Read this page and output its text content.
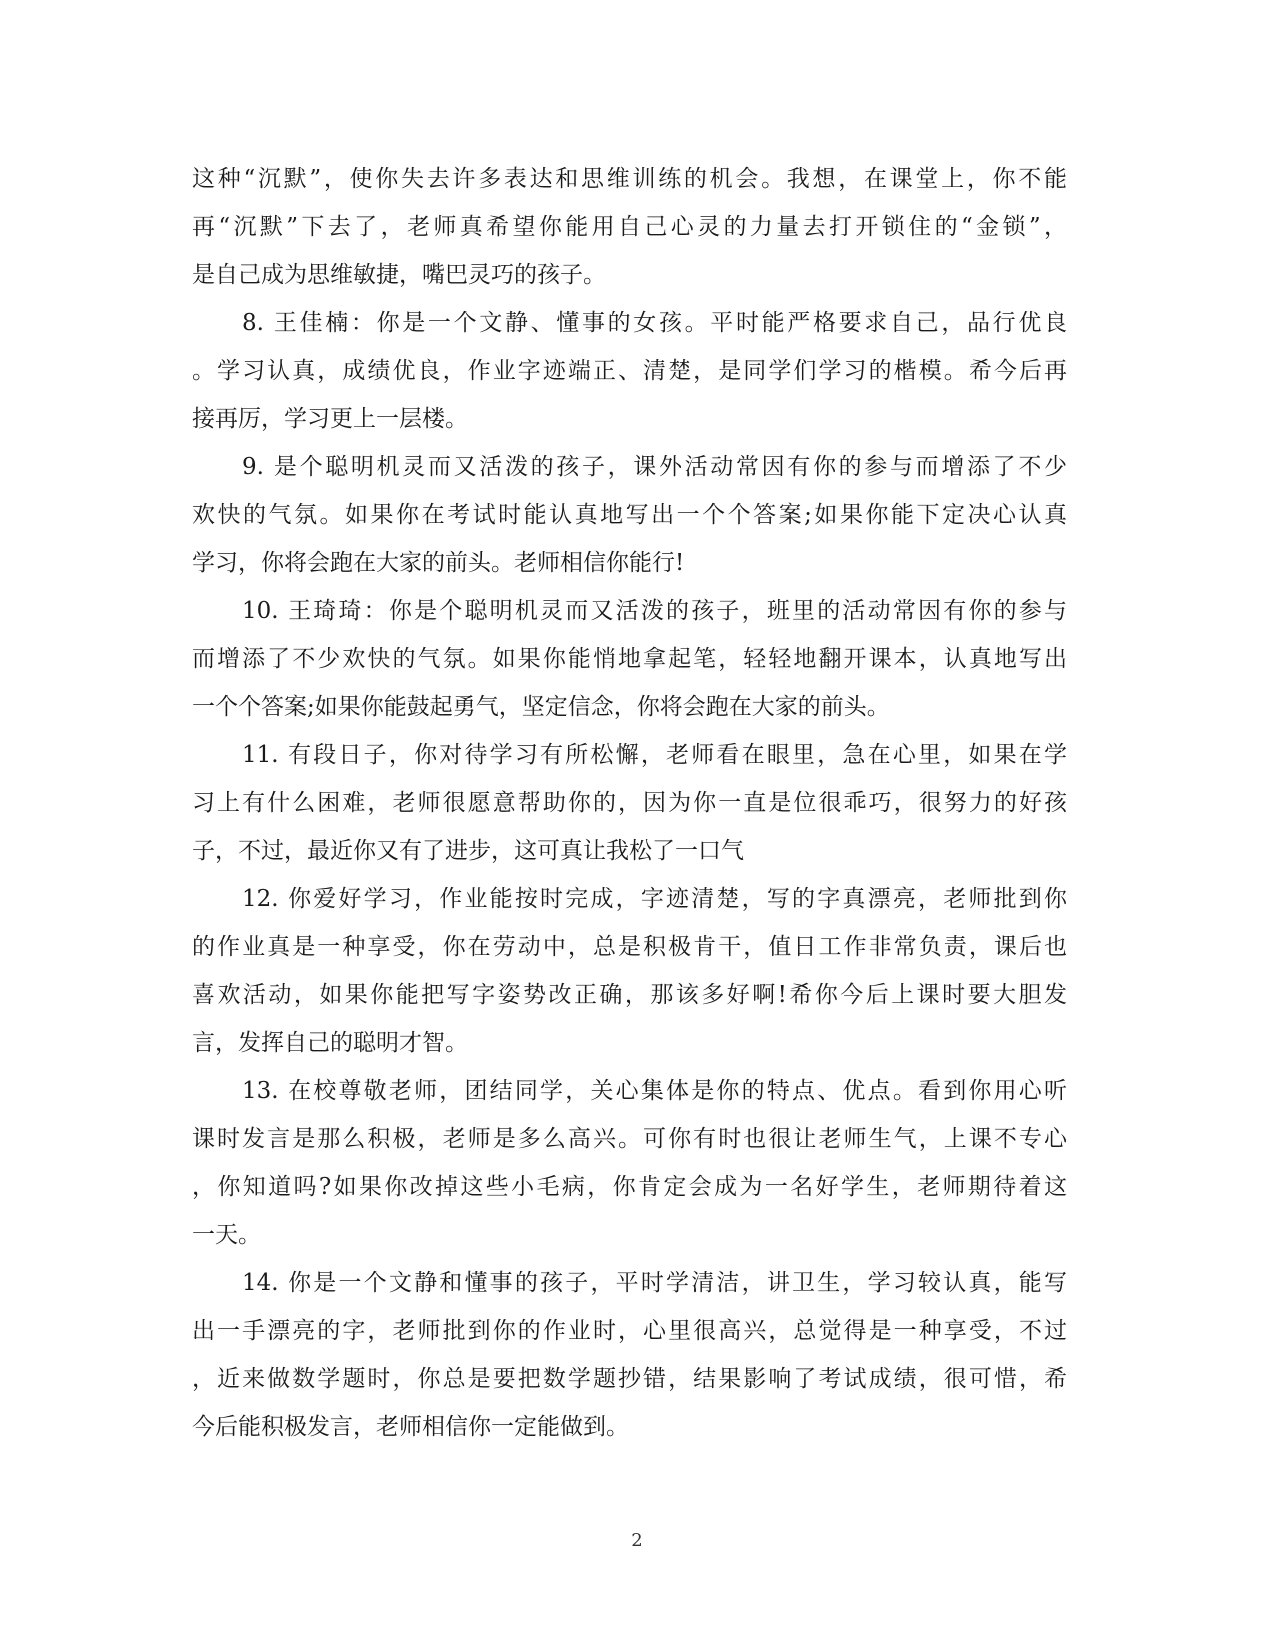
这种“沉默”，使你失去许多表达和思维训练的机会。我想，在课堂上，你不能
再“沉默”下去了，老师真希望你能用自己心灵的力量去打开锁住的“金锁”，
是自己成为思维敏捷，嘴巴灵巧的孩子。
8. 王佳楠：你是一个文静、懂事的女孩。平时能严格要求自己，品行优良
。学习认真，成绩优良，作业字迹端正、清楚，是同学们学习的楷模。希今后再
接再厉，学习更上一层楼。
9. 是个聪明机灵而又活泼的孩子，课外活动常因有你的参与而增添了不少
欢快的气氛。如果你在考试时能认真地写出一个个答案;如果你能下定决心认真
学习，你将会跑在大家的前头。老师相信你能行!
10. 王琦琦：你是个聪明机灵而又活泼的孩子，班里的活动常因有你的参与
而增添了不少欢快的气氛。如果你能悄地拿起笔，轻轻地翻开课本，认真地写出
一个个答案;如果你能鼓起勇气，坚定信念，你将会跑在大家的前头。
11. 有段日子，你对待学习有所松懈，老师看在眼里，急在心里，如果在学
习上有什么困难，老师很愿意帮助你的，因为你一直是位很乖巧，很努力的好孩
子，不过，最近你又有了进步，这可真让我松了一口气
12. 你爱好学习，作业能按时完成，字迹清楚，写的字真漂亮，老师批到你
的作业真是一种享受，你在劳动中，总是积极肯干，值日工作非常负责，课后也
喜欢活动，如果你能把写字姿势改正确，那该多好啊!希你今后上课时要大胆发
言，发挥自己的聪明才智。
13. 在校尊敬老师，团结同学，关心集体是你的特点、优点。看到你用心听
课时发言是那么积极，老师是多么高兴。可你有时也很让老师生气，上课不专心
，你知道吗?如果你改掉这些小毛病，你肯定会成为一名好学生，老师期待着这
一天。
14. 你是一个文静和懂事的孩子，平时学清洁，讲卫生，学习较认真，能写
出一手漂亮的字，老师批到你的作业时，心里很高兴，总觉得是一种享受，不过
，近来做数学题时，你总是要把数学题抄错，结果影响了考试成绩，很可惜，希
今后能积极发言，老师相信你一定能做到。
2
